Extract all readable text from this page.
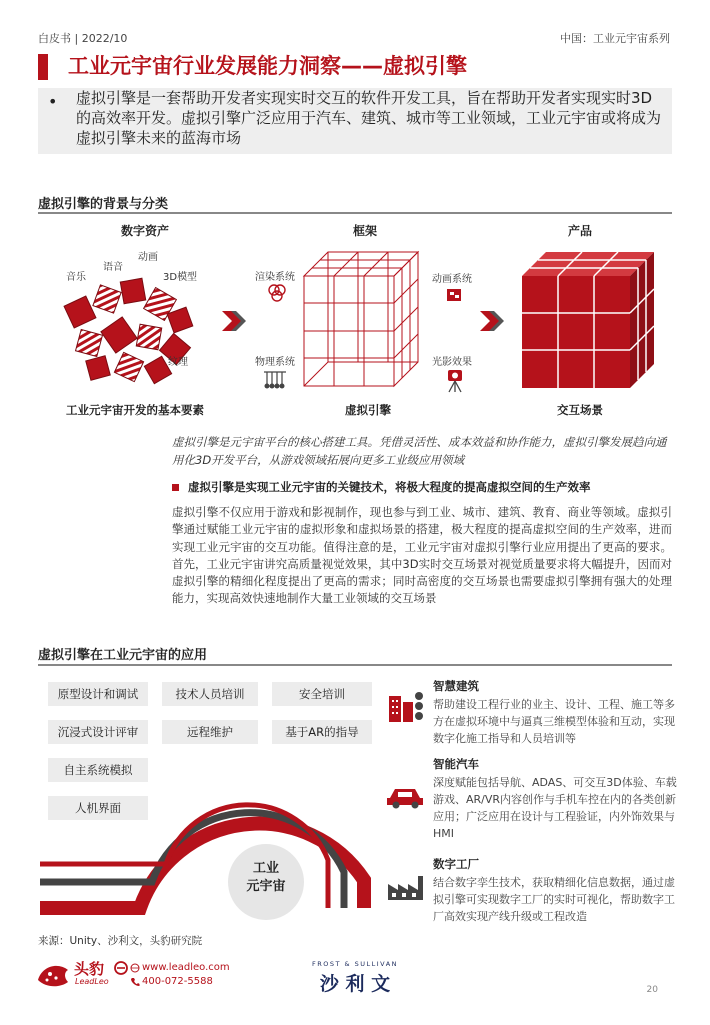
白皮书 | 2022/10	中国：工业元宇宙系列
工业元宇宙行业发展能力洞察——虚拟引擎
• 虚拟引擎是一套帮助开发者实现实时交互的软件开发工具，旨在帮助开发者实现实时3D的高效率开发。虚拟引擎广泛应用于汽车、建筑、城市等工业领域，工业元宇宙或将成为虚拟引擎未来的蓝海市场
虚拟引擎的背景与分类
数字资产	框架	产品
音乐
语音
动画
3D模型
纹理
渲染系统	动画系统
物理系统	光影效果
工业元宇宙开发的基本要素	虚拟引擎	交互场景
虚拟引擎是元宇宙平台的核心搭建工具。凭借灵活性、成本效益和协作能力，虚拟引擎发展趋向通用化3D开发平台，从游戏领域拓展向更多工业级应用领域
虚拟引擎是实现工业元宇宙的关键技术，将极大程度的提高虚拟空间的生产效率
虚拟引擎不仅应用于游戏和影视制作，现也参与到工业、城市、建筑、教育、商业等领域。虚拟引擎通过赋能工业元宇宙的虚拟形象和虚拟场景的搭建，极大程度的提高虚拟空间的生产效率，进而实现工业元宇宙的交互功能。值得注意的是，工业元宇宙对虚拟引擎行业应用提出了更高的要求。首先，工业元宇宙讲究高质量视觉效果，其中3D实时交互场景对视觉质量要求将大幅提升，因而对虚拟引擎的精细化程度提出了更高的需求；同时高密度的交互场景也需要虚拟引擎拥有强大的处理能力，实现高效快速地制作大量工业领域的交互场景
虚拟引擎在工业元宇宙的应用
工业
元宇宙
原型设计和调试	技术人员培训	安全培训
沉浸式设计评审	远程维护	基于AR的指导
自主系统模拟
人机界面
智慧建筑
帮助建设工程行业的业主、设计、工程、施工等多方在虚拟环境中与逼真三维模型体验和互动，实现数字化施工指导和人员培训等
智能汽车
深度赋能包括导航、ADAS、可交互3D体验、车载游戏、AR/VR内容创作与手机车控在内的各类创新应用；广泛应用在设计与工程验证，内外饰效果与HMI
数字工厂
结合数字孪生技术，获取精细化信息数据，通过虚拟引擎可实现数字工厂的实时可视化，帮助数字工厂高效实现产线升级或工程改造
来源：Unity、沙利文，头豹研究院
头豹
LeadLeo
www.leadleo.com
400-072-5588
FROST & SULLIVAN
沙 利 文	20
